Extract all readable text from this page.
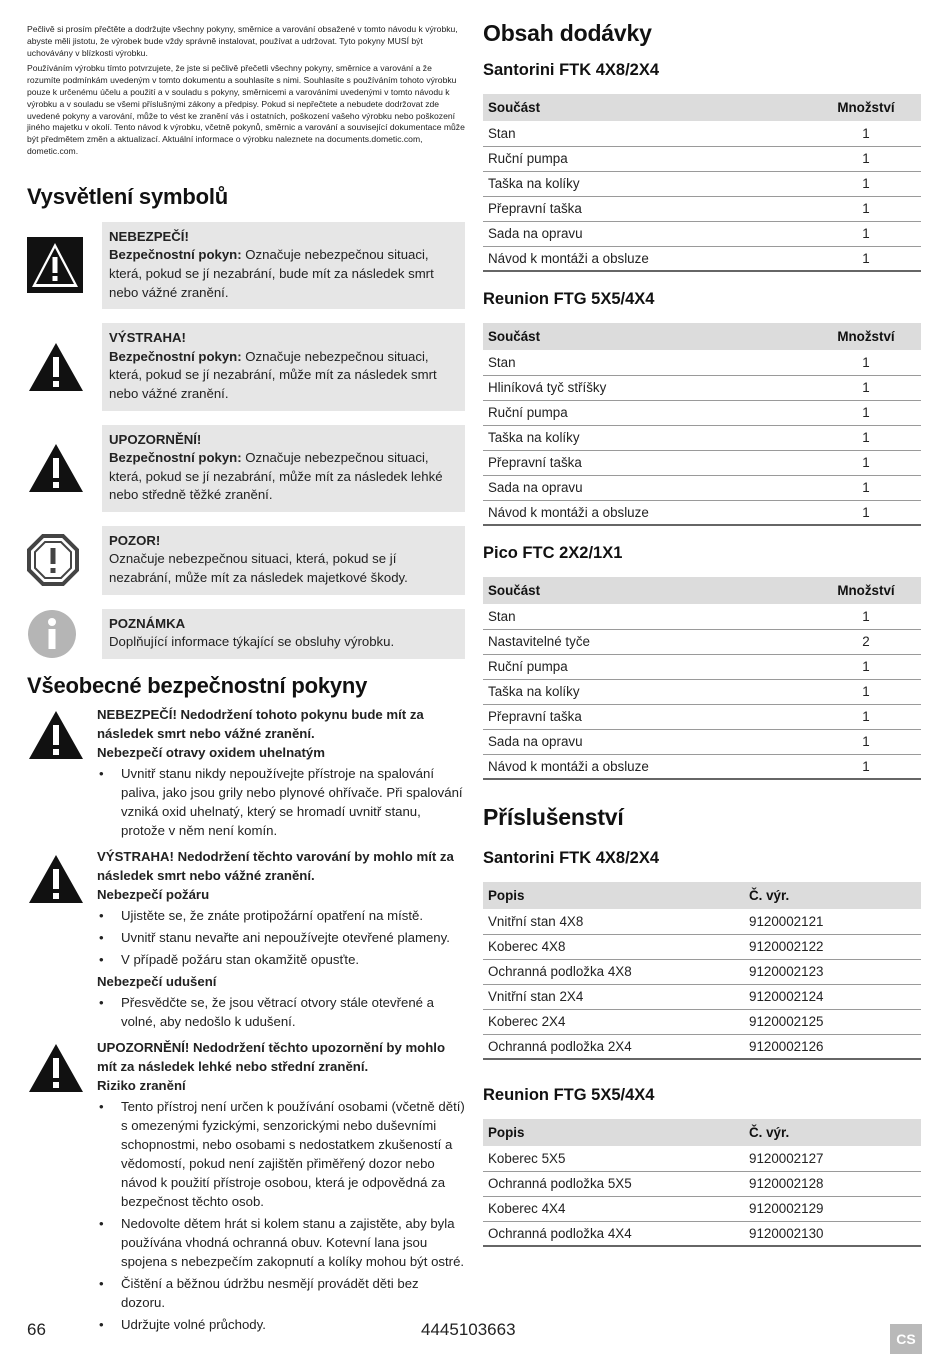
Pečlivě si prosím přečtěte a dodržujte všechny pokyny, směrnice a varování obsažené v tomto návodu k výrobku, abyste měli jistotu, že výrobek bude vždy správně instalovat, používat a udržovat. Tyto pokyny MUSÍ být uchovávány v blízkosti výrobku.

Používáním výrobku tímto potvrzujete, že jste si pečlivě přečetli všechny pokyny, směrnice a varování a že rozumíte podmínkám uvedeným v tomto dokumentu a souhlasíte s nimi. Souhlasíte s používáním tohoto výrobku pouze k určenému účelu a použití a v souladu s pokyny, směrnicemi a varováními uvedenými v tomto návodu k výrobku a v souladu se všemi příslušnými zákony a předpisy. Pokud si nepřečtete a nebudete dodržovat zde uvedené pokyny a varování, může to vést ke zranění vás i ostatních, poškození vašeho výrobku nebo poškození jiného majetku v okolí. Tento návod k výrobku, včetně pokynů, směrnic a varování a související dokumentace může být předmětem změn a aktualizací. Aktuální informace o výrobku naleznete na documents.dometic.com, dometic.com.

Vysvětlení symbolů
NEBEZPEČÍ!
Bezpečnostní pokyn: Označuje nebezpečnou situaci, která, pokud se jí nezabrání, bude mít za následek smrt nebo vážné zranění.
VÝSTRAHA!
Bezpečnostní pokyn: Označuje nebezpečnou situaci, která, pokud se jí nezabrání, může mít za následek smrt nebo vážné zranění.
UPOZORNĚNÍ!
Bezpečnostní pokyn: Označuje nebezpečnou situaci, která, pokud se jí nezabrání, může mít za následek lehké nebo středně těžké zranění.
POZOR!
Označuje nebezpečnou situaci, která, pokud se jí nezabrání, může mít za následek majetkové škody.
POZNÁMKA
Doplňující informace týkající se obsluhy výrobku.
Všeobecné bezpečnostní pokyny
NEBEZPEČÍ! Nedodržení tohoto pokynu bude mít za následek smrt nebo vážné zranění.
Nebezpečí otravy oxidem uhelnatým
• Uvnitř stanu nikdy nepoužívejte přístroje na spalování paliva, jako jsou grily nebo plynové ohřívače. Při spalování vzniká oxid uhelnatý, který se hromadí uvnitř stanu, protože v něm není komín.
VÝSTRAHA! Nedodržení těchto varování by mohlo mít za následek smrt nebo vážné zranění.
Nebezpečí požáru
• Ujistěte se, že znáte protipožární opatření na místě.
• Uvnitř stanu nevařte ani nepoužívejte otevřené plameny.
• V případě požáru stan okamžitě opusťte.
Nebezpečí udušení
• Přesvědčte se, že jsou větrací otvory stále otevřené a volné, aby nedošlo k udušení.
UPOZORNĚNÍ! Nedodržení těchto upozornění by mohlo mít za následek lehké nebo střední zranění.
Riziko zranění
• Tento přístroj není určen k používání osobami (včetně dětí) s omezenými fyzickými, senzorickými nebo duševními schopnostmi, nebo osobami s nedostatkem zkušeností a vědomostí, pokud není zajištěn přiměřený dozor nebo návod k použití přístroje osobou, která je odpovědná za bezpečnost těchto osob.
• Nedovolte dětem hrát si kolem stanu a zajistěte, aby byla používána vhodná ochranná obuv. Kotevní lana jsou spojena s nebezpečím zakopnutí a kolíky mohou být ostré.
• Čištění a běžnou údržbu nesmějí provádět děti bez dozoru.
• Udržujte volné průchody.
Obsah dodávky
Santorini FTK 4X8/2X4
Součást	Množství
Stan	1
Ruční pumpa	1
Taška na kolíky	1
Přepravní taška	1
Sada na opravu	1
Návod k montáži a obsluze	1
Reunion FTG 5X5/4X4
Součást	Množství
Stan	1
Hliníková tyč stříšky	1
Ruční pumpa	1
Taška na kolíky	1
Přepravní taška	1
Sada na opravu	1
Návod k montáži a obsluze	1
Pico FTC 2X2/1X1
Součást	Množství
Stan	1
Nastavitelné tyče	2
Ruční pumpa	1
Taška na kolíky	1
Přepravní taška	1
Sada na opravu	1
Návod k montáži a obsluze	1
Příslušenství
Santorini FTK 4X8/2X4
Popis	Č. výr.
Vnitřní stan 4X8	9120002121
Koberec 4X8	9120002122
Ochranná podložka 4X8	9120002123
Vnitřní stan 2X4	9120002124
Koberec 2X4	9120002125
Ochranná podložka 2X4	9120002126
Reunion FTG 5X5/4X4
Popis	Č. výr.
Koberec 5X5	9120002127
Ochranná podložka 5X5	9120002128
Koberec 4X4	9120002129
Ochranná podložka 4X4	9120002130
66	4445103663	CS
